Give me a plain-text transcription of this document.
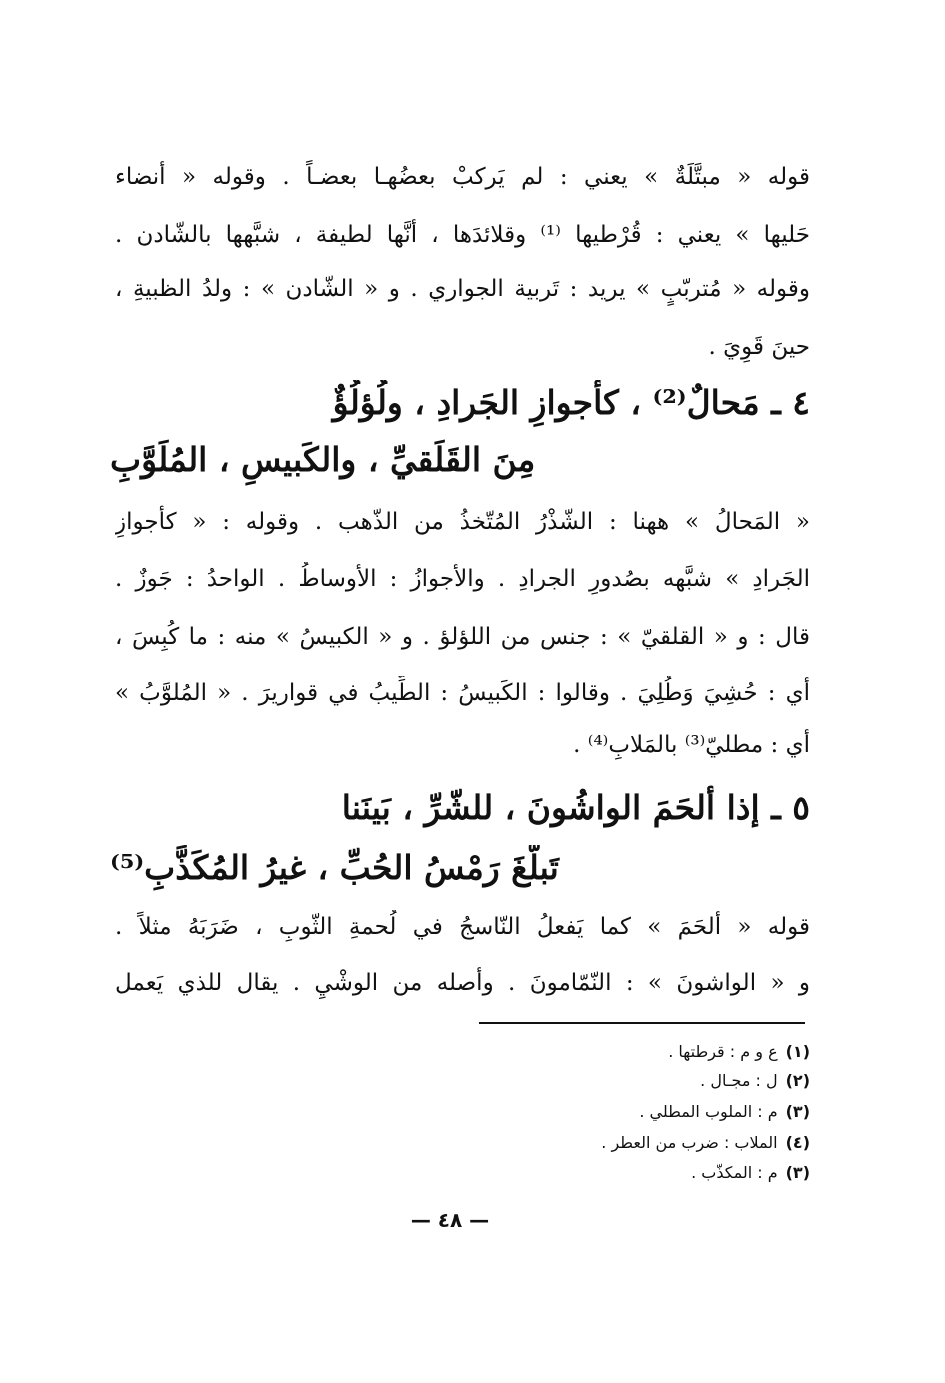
قوله « مبتَّلَةٌ » يعني : لم يَركبْ بعضُهـا بعضـاً . وقوله « أنضاء
حَليها » يعني : قُرْطيها ⁽¹⁾ وقلائدَها ، أنَّها لطيفة ، شبَّهها بالشّادن .
وقوله « مُتربّبٍ » يريد : تَربية الجواري . و « الشّادن » : ولدُ الظبيةِ ،
حينَ قَوِيَ .
٤ ـ مَحالٌ⁽²⁾ ، كأجوازِ الجَرادِ ، ولُؤلُؤٌ
مِنَ القَلَقيِّ ، والكَبيسِ ، المُلَوَّبِ
« المَحالُ » ههنا : الشّذْرُ المُتّخذُ من الذّهب . وقوله : « كأجوازِ
الجَرادِ » شبَّهه بصُدورِ الجرادِ . والأجوازُ : الأوساطُ . الواحدُ : جَوزٌ .
قال : و « القلقيّ » : جنس من اللؤلؤ . و « الكبيسُ » منه : ما كُبِسَ ،
أي : حُشِيَ وَطُلِيَ . وقالوا : الكَبيسُ : الطِّيبُ في قواريرَ . « المُلوَّبُ »
أي : مطليّ⁽³⁾ بالمَلابِ⁽⁴⁾ .
٥ ـ إذا ألحَمَ الواشُونَ ، للشّرِّ ، بَينَنا
تَبلَّغَ رَمْسُ الحُبِّ ، غيرُ المُكَذَّبِ⁽⁵⁾
قوله « ألحَمَ » كما يَفعلُ النّاسجُ في لُحمةِ الثّوبِ ، ضَرَبَهُ مثلاً .
و « الواشونَ » : النّمّامونَ . وأصله من الوشْيِ . يقال للذي يَعمل
(١)ع و م : قرطتها .
(٢)ل : مجـال .
(٣)م : الملوب المطلي .
(٤)الملاب : ضرب من العطر .
(٣)م : المكذّب .
— ٤٨ —
